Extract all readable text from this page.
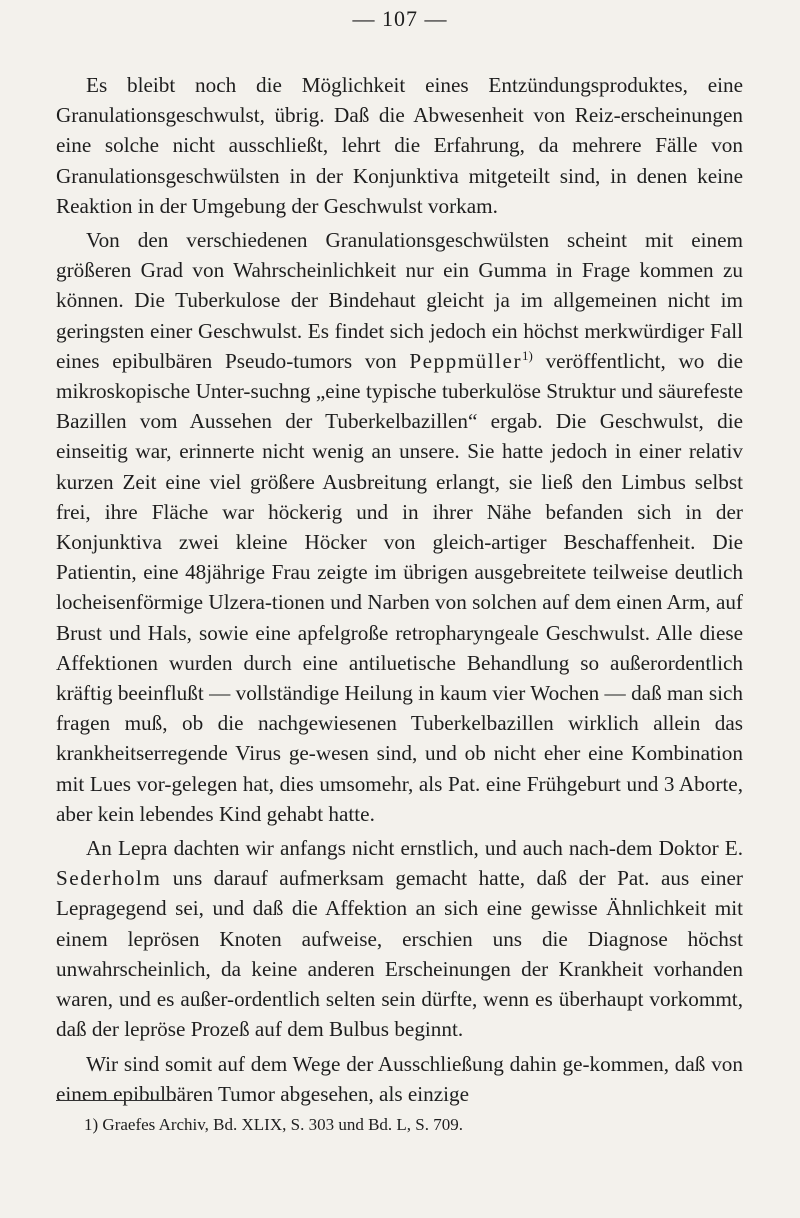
— 107 —

Es bleibt noch die Möglichkeit eines Entzündungsproduktes, eine Granulationsgeschwulst, übrig. Daß die Abwesenheit von Reiz-erscheinungen eine solche nicht ausschließt, lehrt die Erfahrung, da mehrere Fälle von Granulationsgeschwülsten in der Konjunktiva mitgeteilt sind, in denen keine Reaktion in der Umgebung der Geschwulst vorkam.

Von den verschiedenen Granulationsgeschwülsten scheint mit einem größeren Grad von Wahrscheinlichkeit nur ein Gumma in Frage kommen zu können. Die Tuberkulose der Bindehaut gleicht ja im allgemeinen nicht im geringsten einer Geschwulst. Es findet sich jedoch ein höchst merkwürdiger Fall eines epibulbären Pseudo-tumors von Peppmüller$^{1)}$ veröffentlicht, wo die mikroskopische Unter-suchng „eine typische tuberkulöse Struktur und säurefeste Bazillen vom Aussehen der Tuberkelbazillen“ ergab. Die Geschwulst, die einseitig war, erinnerte nicht wenig an unsere. Sie hatte jedoch in einer relativ kurzen Zeit eine viel größere Ausbreitung erlangt, sie ließ den Limbus selbst frei, ihre Fläche war höckerig und in ihrer Nähe befanden sich in der Konjunktiva zwei kleine Höcker von gleich-artiger Beschaffenheit. Die Patientin, eine 48jährige Frau zeigte im übrigen ausgebreitete teilweise deutlich locheisenförmige Ulzera-tionen und Narben von solchen auf dem einen Arm, auf Brust und Hals, sowie eine apfelgroße retropharyngeale Geschwulst. Alle diese Affektionen wurden durch eine antiluetische Behandlung so außerordentlich kräftig beeinflußt — vollständige Heilung in kaum vier Wochen — daß man sich fragen muß, ob die nachgewiesenen Tuberkelbazillen wirklich allein das krankheitserregende Virus ge-wesen sind, und ob nicht eher eine Kombination mit Lues vor-gelegen hat, dies umsomehr, als Pat. eine Frühgeburt und 3 Aborte, aber kein lebendes Kind gehabt hatte.

An Lepra dachten wir anfangs nicht ernstlich, und auch nach-dem Doktor E. Sederholm uns darauf aufmerksam gemacht hatte, daß der Pat. aus einer Lepragegend sei, und daß die Affektion an sich eine gewisse Ähnlichkeit mit einem leprösen Knoten aufweise, erschien uns die Diagnose höchst unwahrscheinlich, da keine anderen Erscheinungen der Krankheit vorhanden waren, und es außer-ordentlich selten sein dürfte, wenn es überhaupt vorkommt, daß der lepröse Prozeß auf dem Bulbus beginnt.

Wir sind somit auf dem Wege der Ausschließung dahin ge-kommen, daß von einem epibulbären Tumor abgesehen, als einzige

1) Graefes Archiv, Bd. XLIX, S. 303 und Bd. L, S. 709.
